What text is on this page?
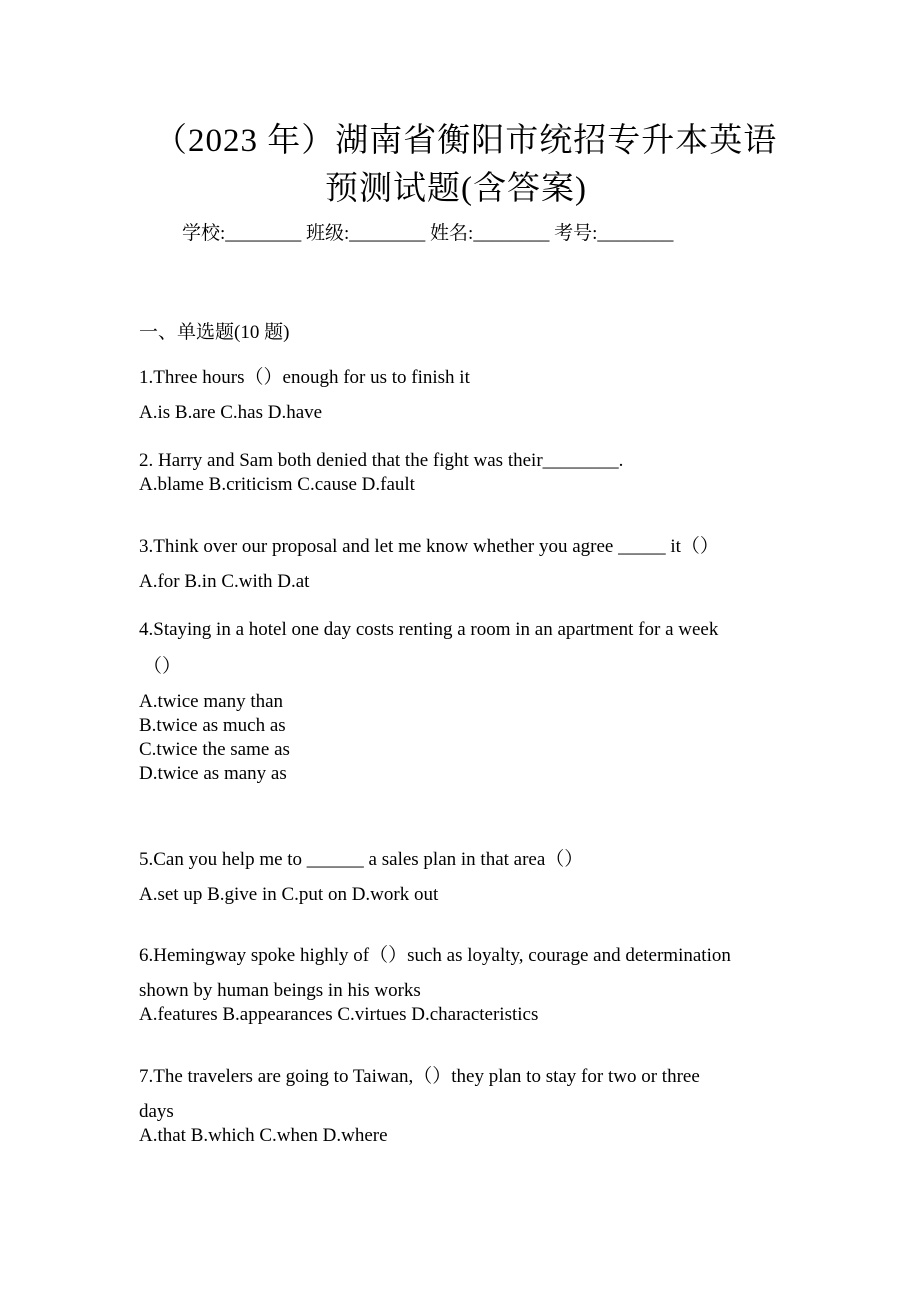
（2023 年）湖南省衡阳市统招专升本英语
预测试题(含答案)
学校:________ 班级:________ 姓名:________ 考号:________
一、单选题(10 题)
1.Three hours（）enough for us to finish it
A.is B.are C.has D.have
2. Harry and Sam both denied that the fight was their________.
A.blame B.criticism C.cause D.fault
3.Think over our proposal and let me know whether you agree _____ it（）
A.for B.in C.with D.at
4.Staying in a hotel one day costs renting a room in an apartment for a week
（）
A.twice many than
B.twice as much as
C.twice the same as
D.twice as many as
5.Can you help me to ______ a sales plan in that area（）
A.set up B.give in C.put on D.work out
6.Hemingway spoke highly of（）such as loyalty, courage and determination
shown by human beings in his works
A.features B.appearances C.virtues D.characteristics
7.The travelers are going to Taiwan,（）they plan to stay for two or three
days
A.that B.which C.when D.where
